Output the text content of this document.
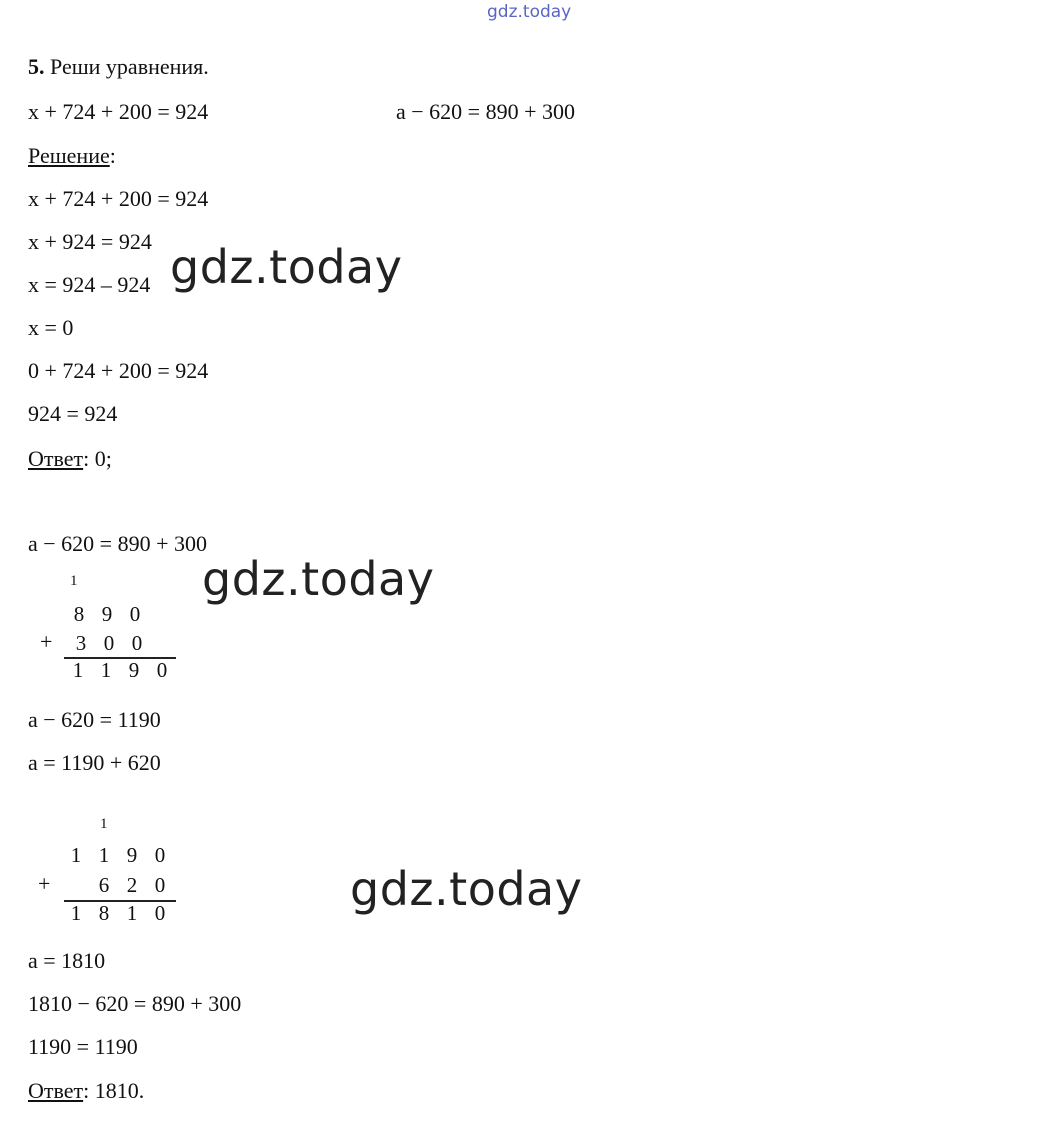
gdz.today
5. Реши уравнения.
x + 724 + 200 = 924	a − 620 = 890 + 300
Решение:
x + 724 + 200 = 924
x + 924 = 924
x = 924 – 924
x = 0
0 + 724 + 200 = 924
924 = 924
Ответ: 0;
gdz.today
a − 620 = 890 + 300
1
8 9 0
+	3 0 0
1 1 9 0
gdz.today
a − 620 = 1190
a = 1190 + 620
1
1 1 9 0
+	6 2 0
1 8 1 0	gdz.today
a = 1810
1810 − 620 = 890 + 300
1190 = 1190
Ответ: 1810.
